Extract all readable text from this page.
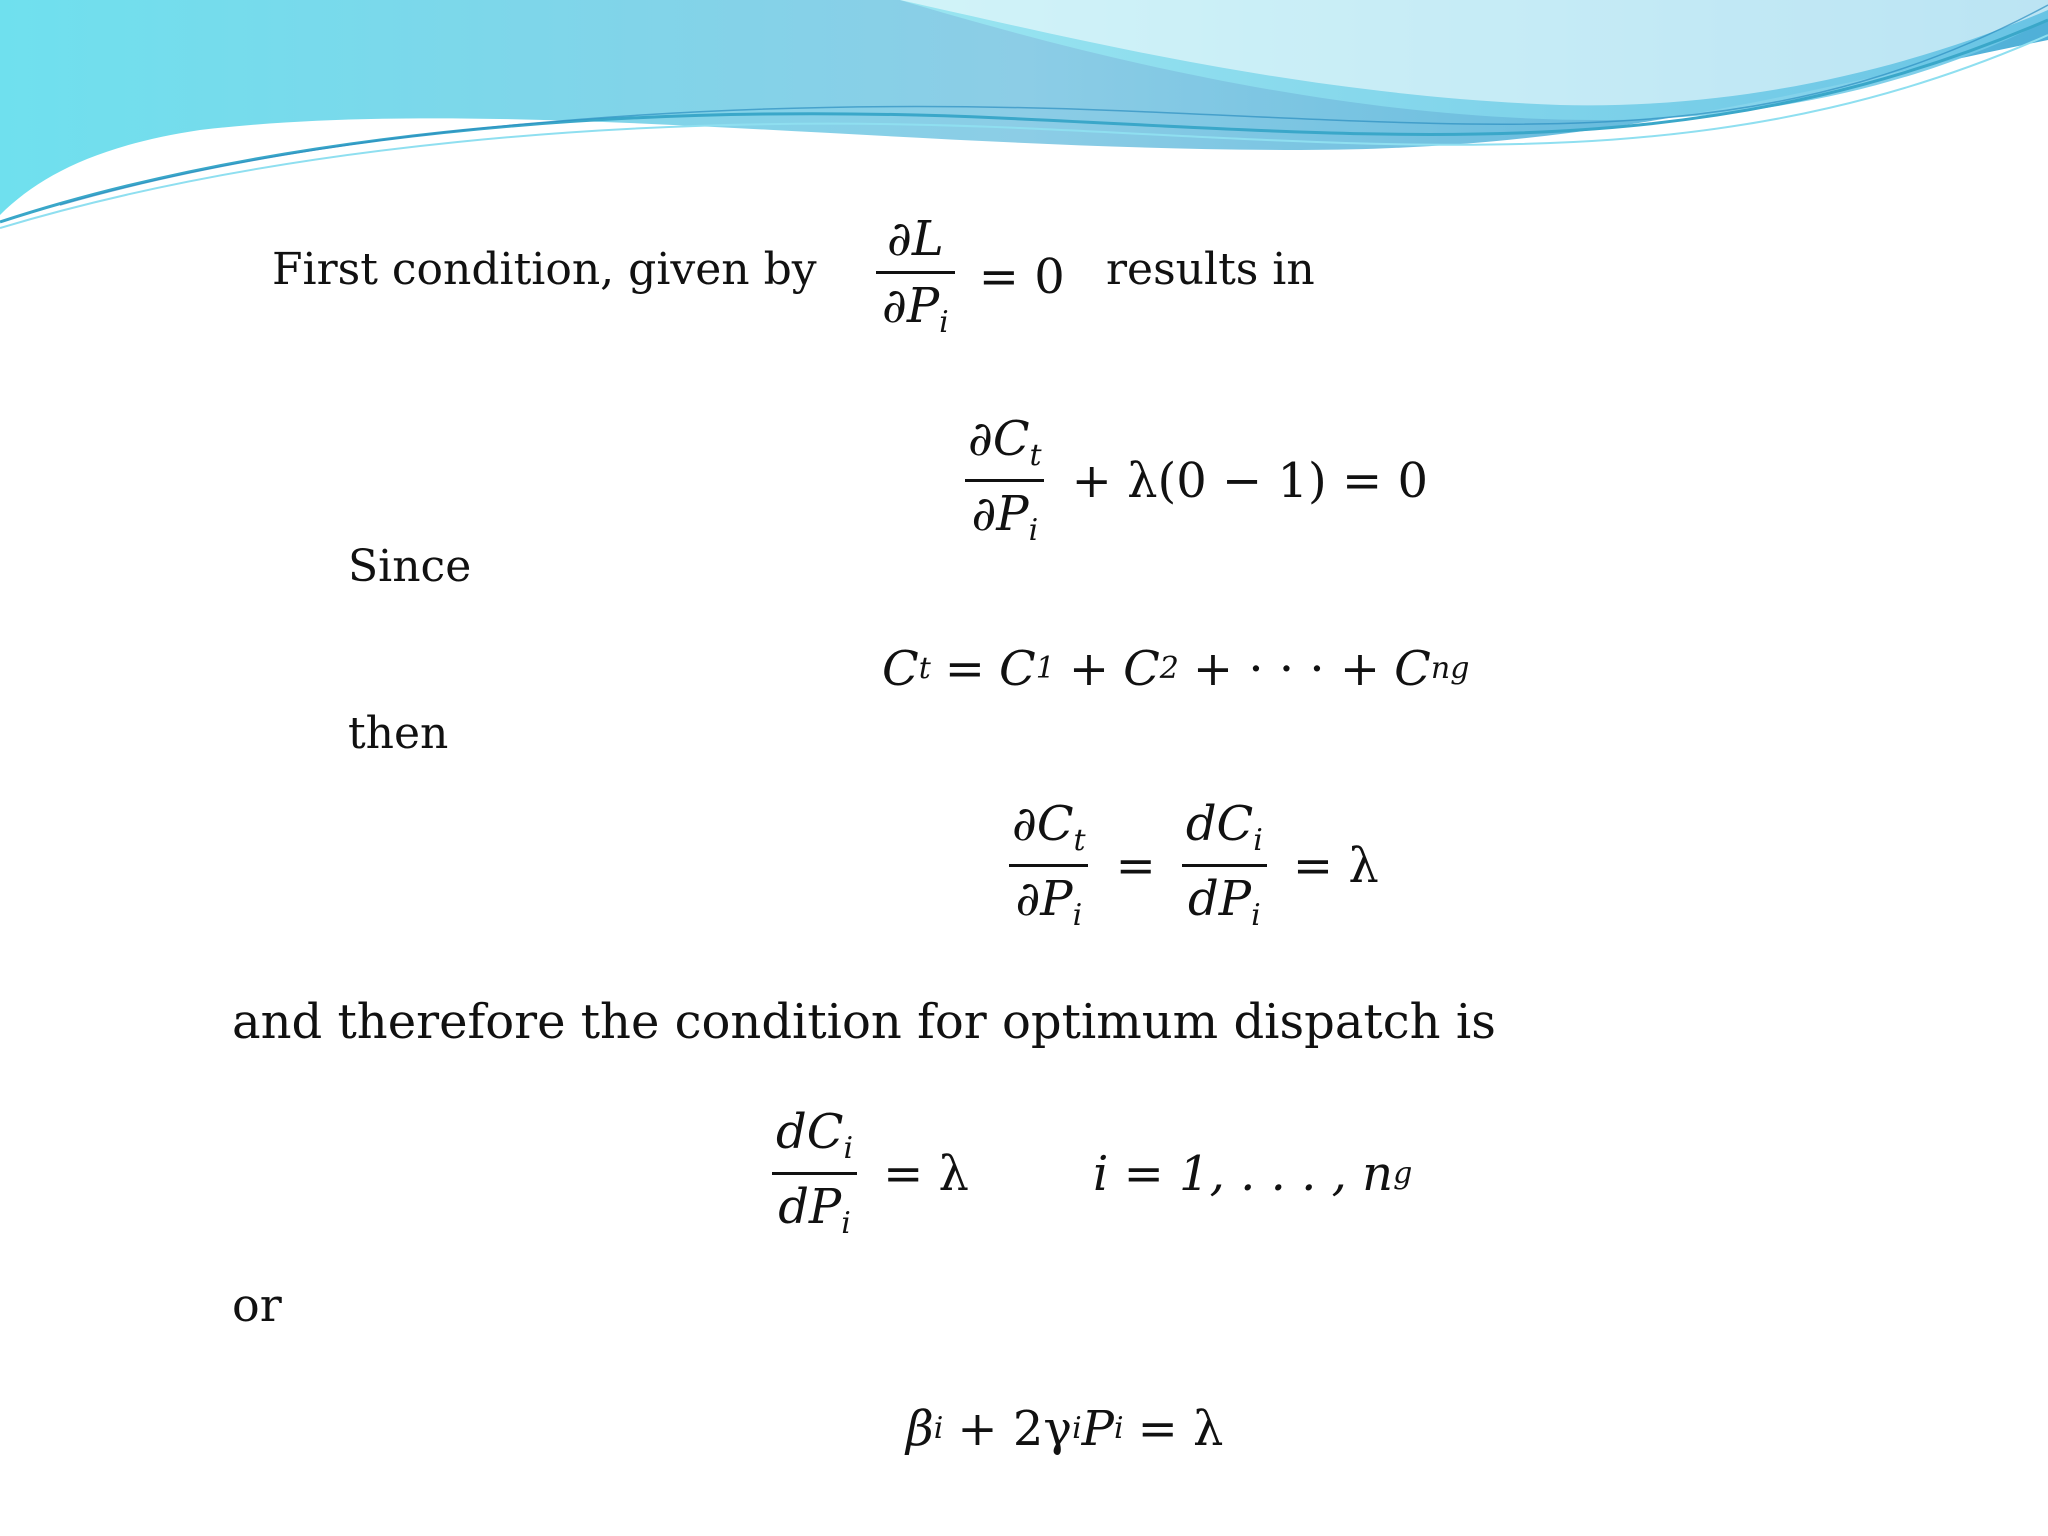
First condition, given by $\frac{\partial L}{\partial P_i} = 0$ results in
$\frac{\partial C_t}{\partial P_i} + \lambda(0 - 1) = 0$
Since
C t = C 1 + C 2 + · · · + C ng
then
$\frac{\partial C_t}{\partial P_i} = \frac{dC_i}{dP_i} = \lambda$
and therefore the condition for optimum dispatch is
$\frac{dC_i}{dP_i} = \lambda$	i = 1, . . . , n g
or
β i + 2γ i P i = λ
